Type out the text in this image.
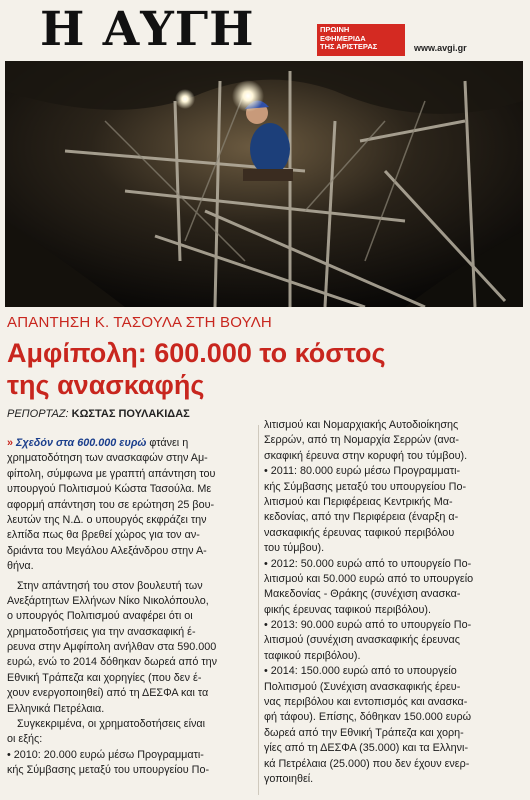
Η ΑΥΓΗ	ΠΡΩΙΝΗ
ΕΦΗΜΕΡΙΔΑ
ΤΗΣ ΑΡΙΣΤΕΡΑΣ	www.avgi.gr
ΑΠΑΝΤΗΣΗ Κ. ΤΑΣΟΥΛΑ ΣΤΗ ΒΟΥΛΗ
Αμφίπολη: 600.000 το κόστος
της ανασκαφής
ΡΕΠΟΡΤΑΖ: ΚΩΣΤΑΣ ΠΟΥΛΑΚΙΔΑΣ
» Σχεδόν στα 600.000 ευρώ φτάνει η
χρηματοδότηση των ανασκαφών στην Αμ-
φίπολη, σύμφωνα με γραπτή απάντηση του
υπουργού Πολιτισμού Κώστα Τασούλα. Με
αφορμή απάντηση του σε ερώτηση 25 βου-
λευτών της Ν.Δ. ο υπουργός εκφράζει την
ελπίδα πως θα βρεθεί χώρος για τον αν-
δριάντα του Μεγάλου Αλεξάνδρου στην Α-
θήνα.
Στην απάντησή του στον βουλευτή των
Ανεξάρτητων Ελλήνων Νίκο Νικολόπουλο,
ο υπουργός Πολιτισμού αναφέρει ότι οι
χρηματοδοτήσεις για την ανασκαφική έ-
ρευνα στην Αμφίπολη ανήλθαν στα 590.000
ευρώ, ενώ το 2014 δόθηκαν δωρεά από την
Εθνική Τράπεζα και χορηγίες (που δεν έ-
χουν ενεργοποιηθεί) από τη ΔΕΣΦΑ και τα
Ελληνικά Πετρέλαια.
Συγκεκριμένα, οι χρηματοδοτήσεις είναι
οι εξής:
• 2010: 20.000 ευρώ μέσω Προγραμματι-
κής Σύμβασης μεταξύ του υπουργείου Πο-
λιτισμού και Νομαρχιακής Αυτοδιοίκησης
Σερρών, από τη Νομαρχία Σερρών (ανα-
σκαφική έρευνα στην κορυφή του τύμβου).
• 2011: 80.000 ευρώ μέσω Προγραμματι-
κής Σύμβασης μεταξύ του υπουργείου Πο-
λιτισμού και Περιφέρειας Κεντρικής Μα-
κεδονίας, από την Περιφέρεια (έναρξη α-
νασκαφικής έρευνας ταφικού περιβόλου
του τύμβου).
• 2012: 50.000 ευρώ από το υπουργείο Πο-
λιτισμού και 50.000 ευρώ από το υπουργείο
Μακεδονίας - Θράκης (συνέχιση ανασκα-
φικής έρευνας ταφικού περιβόλου).
• 2013: 90.000 ευρώ από το υπουργείο Πο-
λιτισμού (συνέχιση ανασκαφικής έρευνας
ταφικού περιβόλου).
• 2014: 150.000 ευρώ από το υπουργείο
Πολιτισμού (Συνέχιση ανασκαφικής έρευ-
νας περιβόλου και εντοπισμός και ανασκα-
φή τάφου). Επίσης, δόθηκαν 150.000 ευρώ
δωρεά από την Εθνική Τράπεζα και χορη-
γίες από τη ΔΕΣΦΑ (35.000) και τα Ελληνι-
κά Πετρέλαια (25.000) που δεν έχουν ενερ-
γοποιηθεί.
